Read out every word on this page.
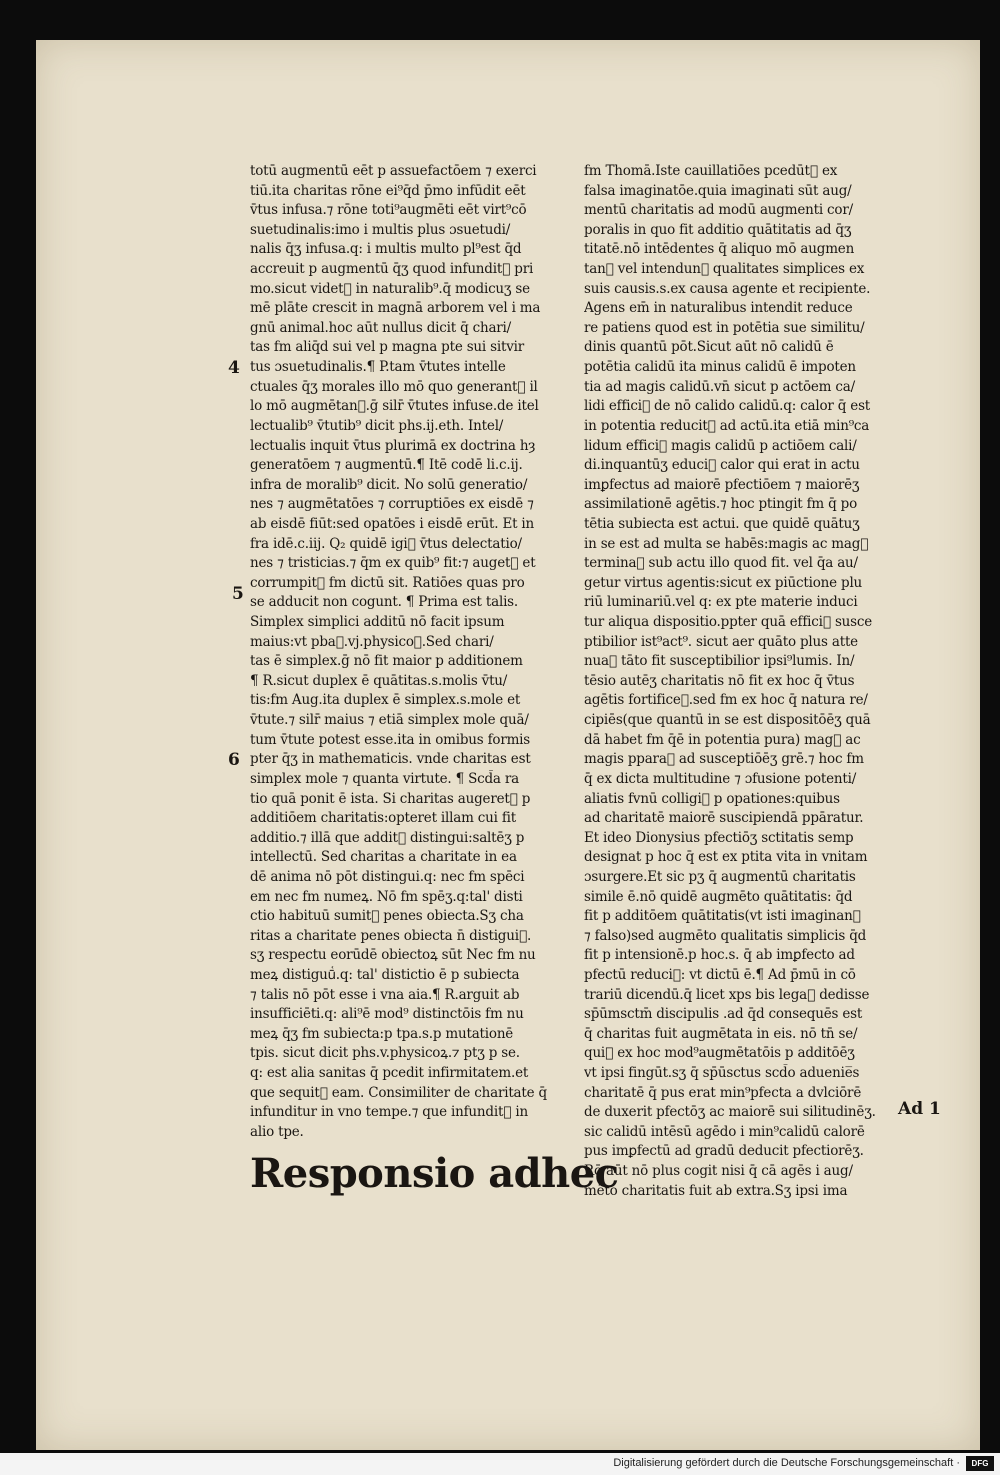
totū augmentū eēt p assuefactōem ⁊ exerci
tiū.ita charitas rōne ei⁹q̄d p̄mo infūdit eēt
v̄tus infusa.⁊ rōne toti⁹augmēti eēt virt⁹cō
suetudinalis:imo i multis plus ɔsuetudi/
nalis q̄ʒ infusa.q: i multis multo pl⁹est q̄d
accreuit p augmentū q̄ʒ quod infunditᷣ pri
mo.sicut videtᷣ in naturalib⁹.q̄ modicuʒ se
mē plāte crescit in magnā arborem vel i ma
gnū animal.hoc aūt nullus dicit q̄ chari/
tas fm aliq̄d sui vel p magna pte sui sitvir
tus ɔsuetudinalis.¶ P.tam v̄tutes intelle
ctuales q̄ʒ morales illo mō quo generantᷣ il
lo mō augmētanᷣ.ḡ silr̄ v̄tutes infuse.de itel
lectualib⁹ v̄tutib⁹ dicit phs.ij.eth. Intel/
lectualis inquit v̄tus plurimā ex doctrina hȝ
generatōem ⁊ augmentū.¶ Itē codē li.c.ij.
infra de moralib⁹ dicit. No solū generatio/
nes ⁊ augmētatōes ⁊ corruptiōes ex eisdē ⁊
ab eisdē fiūt:sed opatōes i eisdē erūt. Et in
fra idē.c.iij. Q₂ quidē igiᷣ v̄tus delectatio/
nes ⁊ tristicias.⁊ q̄m ex quib⁹ fit:⁊ augetᷣ et
corrumpitᷣ fm dictū sit. Ratiōes quas pro
se adducit non cogunt. ¶ Prima est talis.
Simplex simplici additū nō facit ipsum
maius:vt pbaᷣ.vj.physicoꝝ.Sed chari/
tas ē simplex.ḡ nō fit maior p additionem
¶ R.sicut duplex ē quātitas.s.molis v̄tu/
tis:fm Aug.ita duplex ē simplex.s.mole et
v̄tute.⁊ silr̄ maius ⁊ etiā simplex mole quā/
tum v̄tute potest esse.ita in omibus formis
pter q̄ʒ in mathematicis. vnde charitas est
simplex mole ⁊ quanta virtute. ¶ Scd̄a ra
tio quā ponit ē ista. Si charitas augeretᷣ p
additiōem charitatis:opteret illam cui fit
additio.⁊ illā que additᷣ distingui:saltēʒ p
intellectū. Sed charitas a charitate in ea
dē anima nō pōt distingui.q: nec fm spēci
em nec fm numeꝝ. Nō fm spēʒ.q:tal' disti
ctio habituū sumitᷣ penes obiecta.Sʒ cha
ritas a charitate penes obiecta n̄ distiguiᷣ.
sʒ respectu eorūdē obiectoꝝ sūt Nec fm nu
meꝝ distiguūᷣ.q: tal' distictio ē p subiecta
⁊ talis nō pōt esse i vna aia.¶ R.arguit ab
insufficiēti.q: ali⁹ē mod⁹ distinctōis fm nu
meꝝ q̄ʒ fm subiecta:p tpa.s.p mutationē
tpis. sicut dicit phs.v.physicoꝝ.⁊ ptʒ p se.
q: est alia sanitas q̄ pcedit infirmitatem.et
que sequitᷣ eam. Consimiliter de charitate q̄
infunditur in vno tempe.⁊ que infunditᷣ in
alio tpe.
Responsio adhec
fm Thomā.Iste cauillatiōes pcedūtᷣ ex
falsa imaginatōe.quia imaginati sūt aug/
mentū charitatis ad modū augmenti cor/
poralis in quo fit additio quātitatis ad q̄ʒ
titatē.nō intēdentes q̄ aliquo mō augmen
tanᷣ vel intendunᷣ qualitates simplices ex
suis causis.s.ex causa agente et recipiente.
Agens em̄ in naturalibus intendit reduce
re patiens quod est in potētia sue similitu/
dinis quantū pōt.Sicut aūt nō calidū ē
potētia calidū ita minus calidū ē impoten
tia ad magis calidū.vn̄ sicut p actōem ca/
lidi efficiᷣ de nō calido calidū.q: calor q̄ est
in potentia reducitᷣ ad actū.ita etiā min⁹ca
lidum efficiᷣ magis calidū p actiōem cali/
di.inquantūʒ educiᷣ calor qui erat in actu
imꝑfectus ad maiorē pfectiōem ⁊ maiorēʒ
assimilationē agētis.⁊ hoc ptingit fm q̄ po
tētia subiecta est actui. que quidē quātuʒ
in se est ad multa se habēs:magis ac magᷣ
terminaᷣ sub actu illo quod fit. vel q̄a au/
getur virtus agentis:sicut ex piūctione plu
riū luminariū.vel q: ex pte materie induci
tur aliqua dispositio.ppter quā efficiᷣ susce
ptibilior ist⁹act⁹. sicut aer quāto plus atte
nuaᷣ tāto fit susceptibilior ipsi⁹lumis. In/
tēsio autēʒ charitatis nō fit ex hoc q̄ v̄tus
agētis fortificeᷣ.sed fm ex hoc q̄ natura re/
cipiēs(que quantū in se est dispositōēʒ quā
dā habet fm q̄ē in potentia pura) magᷣ ac
magis pparaᷣ ad susceptiōēʒ grē.⁊ hoc fm
q̄ ex dicta multitudine ⁊ ɔfusione potenti/
aliatis fvnū colligiᷣ p opationes:quibus
ad charitatē maiorē suscipiendā ppāratur.
Et ideo Dionysius pfectiōʒ sctitatis semp
designat p hoc q̄ est ex ptita vita in vnitam
ɔsurgere.Et sic pʒ q̄ augmentū charitatis
simile ē.nō quidē augmēto quātitatis: q̄d
fit p additōem quātitatis(vt isti imaginanᷣ
⁊ falso)sed augmēto qualitatis simplicis q̄d
fit p intensionē.p hoc.s. q̄ ab imꝑfecto ad
pfectū reduciᷣ: vt dictū ē.¶ Ad p̄mū in cō
trariū dicendū.q̄ licet xps bis legaᷣ dedisse
sp̄ūmsctm̄ discipulis .ad q̄d consequēs est
q̄ charitas fuit augmētata in eis. nō tn̄ se/
quiᷣ ex hoc mod⁹augmētatōis p additōēʒ
vt ipsi fingūt.sʒ q̄ sp̄ūsctus scd̄o aduenie̅s
charitatē q̄ pus erat min⁹pfecta a dvlciōrē
de duxerit pfectōʒ ac maiorē sui silitudinēʒ.
sic calidū intēsū agēdo i min⁹calidū calorē
pus imꝑfectū ad gradū deducit pfectiorēʒ.
Rō aūt nō plus cogit nisi q̄ cā agēs i aug/
mēto charitatis fuit ab extra.Sʒ ipsi ima
4
5
6
Ad 1
Digitalisierung gefördert durch die Deutsche Forschungsgemeinschaft ·	DFG
